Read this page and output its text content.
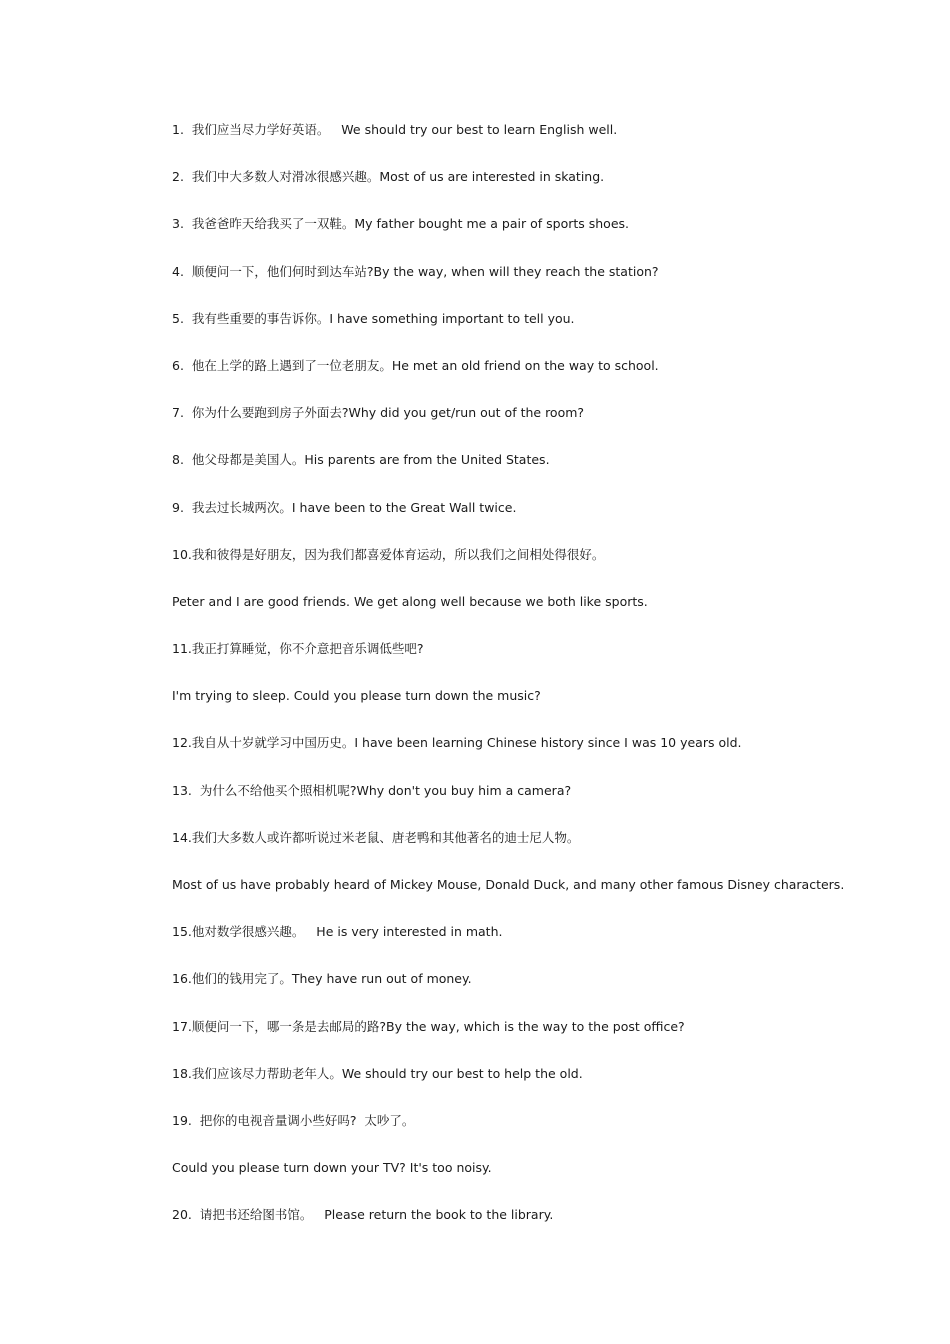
1.  我们应当尽力学好英语。   We should try our best to learn English well.
2.  我们中大多数人对滑冰很感兴趣。Most of us are interested in skating.
3.  我爸爸昨天给我买了一双鞋。My father bought me a pair of sports shoes.
4.  顺便问一下，他们何时到达车站?By the way, when will they reach the station?
5.  我有些重要的事告诉你。I have something important to tell you.
6.  他在上学的路上遇到了一位老朋友。He met an old friend on the way to school.
7.  你为什么要跑到房子外面去?Why did you get/run out of the room?
8.  他父母都是美国人。His parents are from the United States.
9.  我去过长城两次。I have been to the Great Wall twice.
10.我和彼得是好朋友，因为我们都喜爱体育运动，所以我们之间相处得很好。
Peter and I are good friends. We get along well because we both like sports.
11.我正打算睡觉，你不介意把音乐调低些吧?
I'm trying to sleep. Could you please turn down the music?
12.我自从十岁就学习中国历史。I have been learning Chinese history since I was 10 years old.
13.  为什么不给他买个照相机呢?Why don't you buy him a camera?
14.我们大多数人或许都听说过米老鼠、唐老鸭和其他著名的迪士尼人物。
Most of us have probably heard of Mickey Mouse, Donald Duck, and many other famous Disney characters.
15.他对数学很感兴趣。   He is very interested in math.
16.他们的钱用完了。They have run out of money.
17.顺便问一下，哪一条是去邮局的路?By the way, which is the way to the post office?
18.我们应该尽力帮助老年人。We should try our best to help the old.
19.  把你的电视音量调小些好吗?  太吵了。
Could you please turn down your TV? It's too noisy.
20.  请把书还给图书馆。   Please return the book to the library.
